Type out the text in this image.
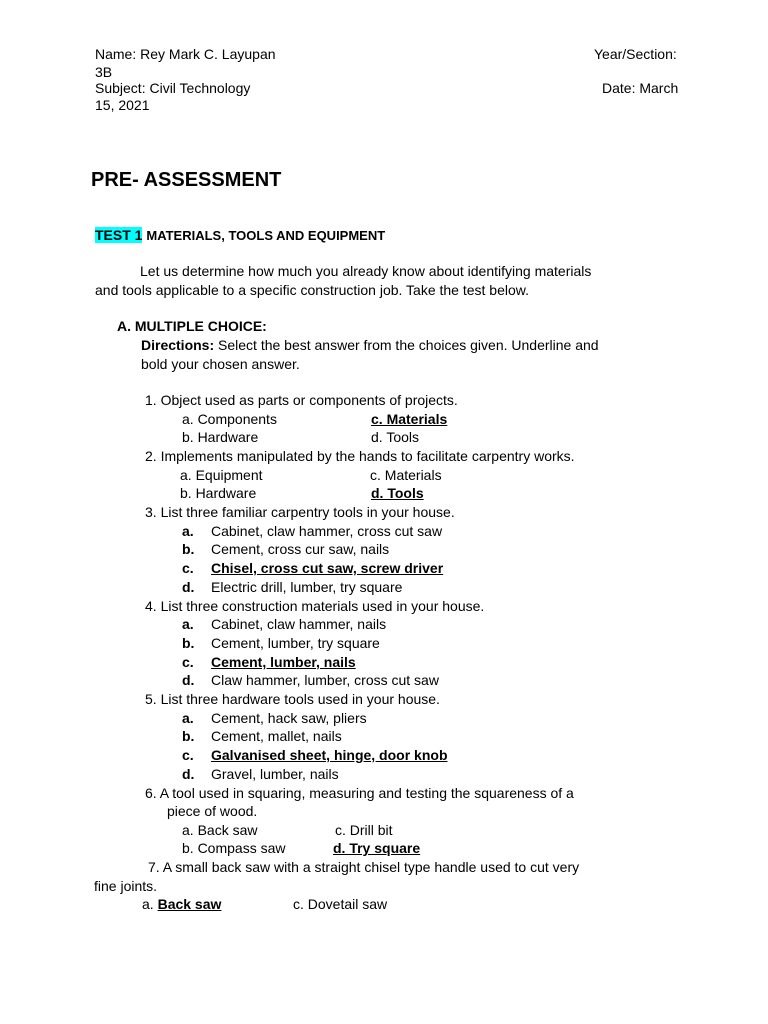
Name: Rey Mark C. Layupan	Year/Section:
3B
Subject: Civil Technology	Date: March
15, 2021
PRE- ASSESSMENT
TEST 1 MATERIALS, TOOLS AND EQUIPMENT
Let us determine how much you already know about identifying materials
and tools applicable to a specific construction job. Take the test below.
A. MULTIPLE CHOICE:
Directions: Select the best answer from the choices given. Underline and
bold your chosen answer.
1. Object used as parts or components of projects.
a. Components	c. Materials
b. Hardware	d. Tools
2. Implements manipulated by the hands to facilitate carpentry works.
a. Equipment	c. Materials
b. Hardware	d. Tools
3. List three familiar carpentry tools in your house.
a. Cabinet, claw hammer, cross cut saw
b. Cement, cross cur saw, nails
c. Chisel, cross cut saw, screw driver
d. Electric drill, lumber, try square
4. List three construction materials used in your house.
a. Cabinet, claw hammer, nails
b. Cement, lumber, try square
c. Cement, lumber, nails
d. Claw hammer, lumber, cross cut saw
5. List three hardware tools used in your house.
a. Cement, hack saw, pliers
b. Cement, mallet, nails
c. Galvanised sheet, hinge, door knob
d. Gravel, lumber, nails
6. A tool used in squaring, measuring and testing the squareness of a
piece of wood.
a. Back saw	c. Drill bit
b. Compass saw	d. Try square
7. A small back saw with a straight chisel type handle used to cut very
fine joints.
a. Back saw	c. Dovetail saw
